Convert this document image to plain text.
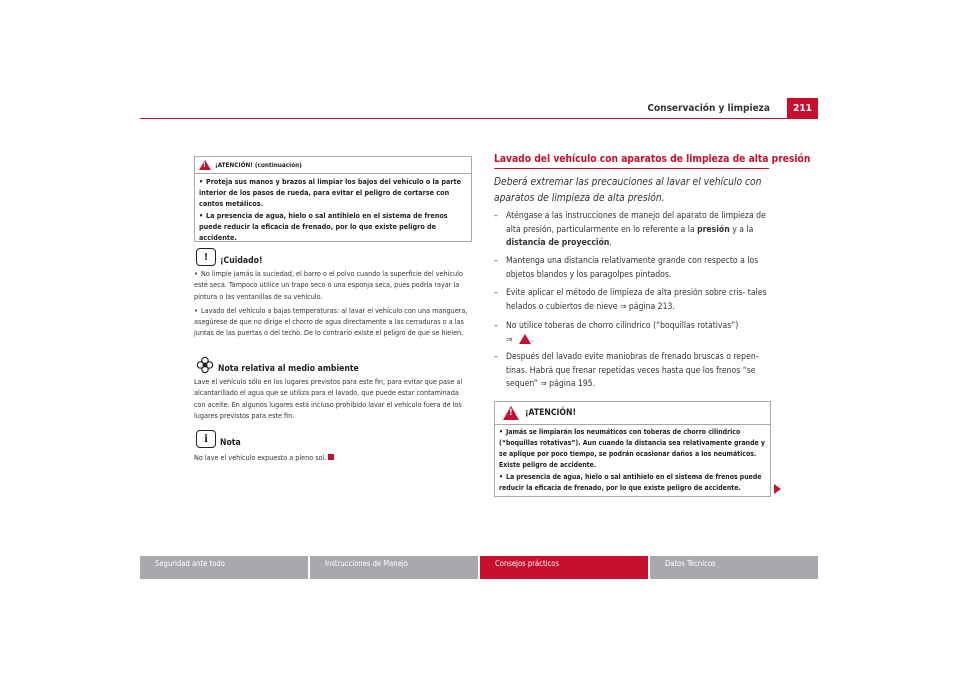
Conservación y limpieza	211
!
¡ATENCIÓN! (continuación)
• Proteja sus manos y brazos al limpiar los bajos del vehículo o la parte interior de los pasos de rueda, para evitar el peligro de cortarse con cantos metálicos.
• La presencia de agua, hielo o sal antihielo en el sistema de frenos puede reducir la eficacia de frenado, por lo que existe peligro de accidente.
!	¡Cuidado!
• No limpie jamás la suciedad, el barro o el polvo cuando la superficie del vehículo esté seca. Tampoco utilice un trapo seco o una esponja seca, pues podría rayar la pintura o las ventanillas de su vehículo.
• Lavado del vehículo a bajas temperaturas: al lavar el vehículo con una manguera, asegúrese de que no dirige el chorro de agua directamente a las cerraduras o a las juntas de las puertas o del techo. De lo contrario existe el peligro de que se hielen.
Nota relativa al medio ambiente
Lave el vehículo sólo en los lugares previstos para este fin, para evitar que pase al alcantarillado el agua que se utiliza para el lavado, que puede estar contaminada con aceite. En algunos lugares está incluso prohibido lavar el vehículo fuera de los lugares previstos para este fin.
i	Nota
No lave el vehículo expuesto a pleno sol.
Lavado del vehículo con aparatos de limpieza de alta presión
Deberá extremar las precauciones al lavar el vehículo con aparatos de limpieza de alta presión.
– Aténgase a las instrucciones de manejo del aparato de limpieza de alta presión, particularmente en lo referente a la presión y a la distancia de proyección.
– Mantenga una distancia relativamente grande con respecto a los objetos blandos y los paragolpes pintados.
– Evite aplicar el método de limpieza de alta presión sobre cris- tales helados o cubiertos de nieve ⇒ página 213.
– No utilice toberas de chorro cilíndrico (“boquillas rotativas”)
⇒ .
– Después del lavado evite maniobras de frenado bruscas o repen- tinas. Habrá que frenar repetidas veces hasta que los frenos “se sequen” ⇒ página 195.
!
¡ATENCIÓN!
• Jamás se limpiarán los neumáticos con toberas de chorro cilíndrico (“boquillas rotativas”). Aun cuando la distancia sea relativamente grande y se aplique por poco tiempo, se podrán ocasionar daños a los neumáticos. Existe peligro de accidente.
• La presencia de agua, hielo o sal antihielo en el sistema de frenos puede reducir la eficacia de frenado, por lo que existe peligro de accidente.
Seguridad ante todo	Instrucciones de Manejo	Consejos prácticos	Datos Técnicos
